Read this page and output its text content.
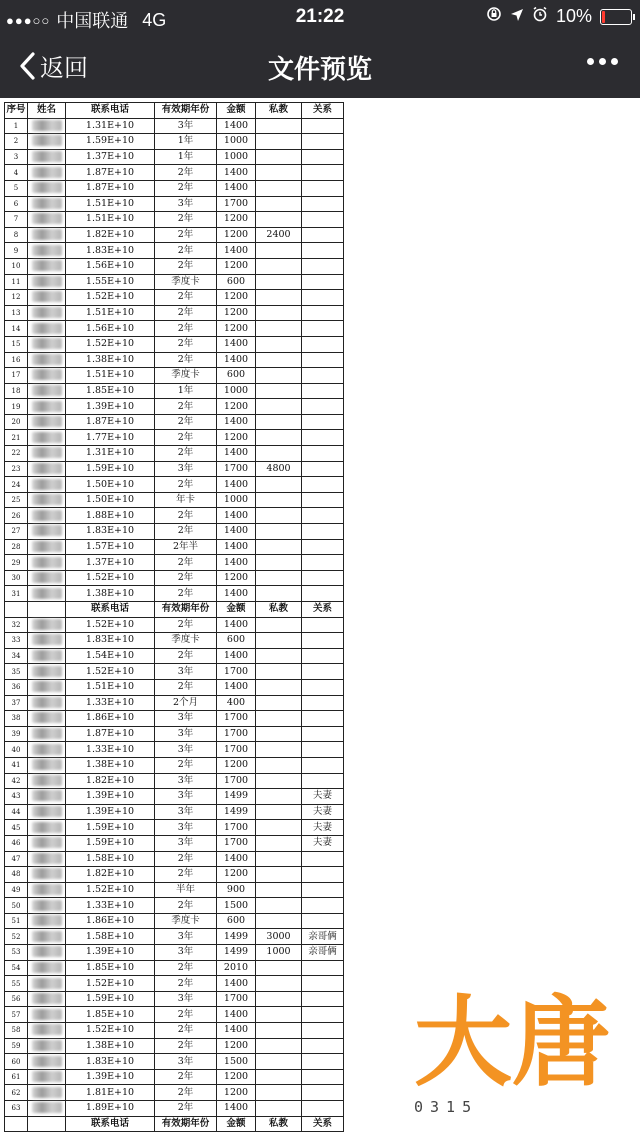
●●●○○ 中国联通 4G	21:22	10%
返回	文件预览
序号	姓名	联系电话	有效期年份	金额	私教	关系
1		1.31E+10	3年	1400		
2		1.59E+10	1年	1000		
3		1.37E+10	1年	1000		
4		1.87E+10	2年	1400		
5		1.87E+10	2年	1400		
6		1.51E+10	3年	1700		
7		1.51E+10	2年	1200		
8		1.82E+10	2年	1200	2400	
9		1.83E+10	2年	1400		
10		1.56E+10	2年	1200		
11		1.55E+10	季度卡	600		
12		1.52E+10	2年	1200		
13		1.51E+10	2年	1200		
14		1.56E+10	2年	1200		
15		1.52E+10	2年	1400		
16		1.38E+10	2年	1400		
17		1.51E+10	季度卡	600		
18		1.85E+10	1年	1000		
19		1.39E+10	2年	1200		
20		1.87E+10	2年	1400		
21		1.77E+10	2年	1200		
22		1.31E+10	2年	1400		
23		1.59E+10	3年	1700	4800	
24		1.50E+10	2年	1400		
25		1.50E+10	年卡	1000		
26		1.88E+10	2年	1400		
27		1.83E+10	2年	1400		
28		1.57E+10	2年半	1400		
29		1.37E+10	2年	1400		
30		1.52E+10	2年	1200		
31		1.38E+10	2年	1400		
		联系电话	有效期年份	金额	私教	关系
32		1.52E+10	2年	1400		
33		1.83E+10	季度卡	600		
34		1.54E+10	2年	1400		
35		1.52E+10	3年	1700		
36		1.51E+10	2年	1400		
37		1.33E+10	2个月	400		
38		1.86E+10	3年	1700		
39		1.87E+10	3年	1700		
40		1.33E+10	3年	1700		
41		1.38E+10	2年	1200		
42		1.82E+10	3年	1700		
43		1.39E+10	3年	1499		夫妻
44		1.39E+10	3年	1499		夫妻
45		1.59E+10	3年	1700		夫妻
46		1.59E+10	3年	1700		夫妻
47		1.58E+10	2年	1400		
48		1.82E+10	2年	1200		
49		1.52E+10	半年	900		
50		1.33E+10	2年	1500		
51		1.86E+10	季度卡	600		
52		1.58E+10	3年	1499	3000	亲哥俩
53		1.39E+10	3年	1499	1000	亲哥俩
54		1.85E+10	2年	2010		
55		1.52E+10	2年	1400		
56		1.59E+10	3年	1700		
57		1.85E+10	2年	1400		
58		1.52E+10	2年	1400		
59		1.38E+10	2年	1200		
60		1.83E+10	3年	1500		
61		1.39E+10	2年	1200		
62		1.81E+10	2年	1200		
63		1.89E+10	2年	1400		
		联系电话	有效期年份	金额	私教	关系
大唐
0315
